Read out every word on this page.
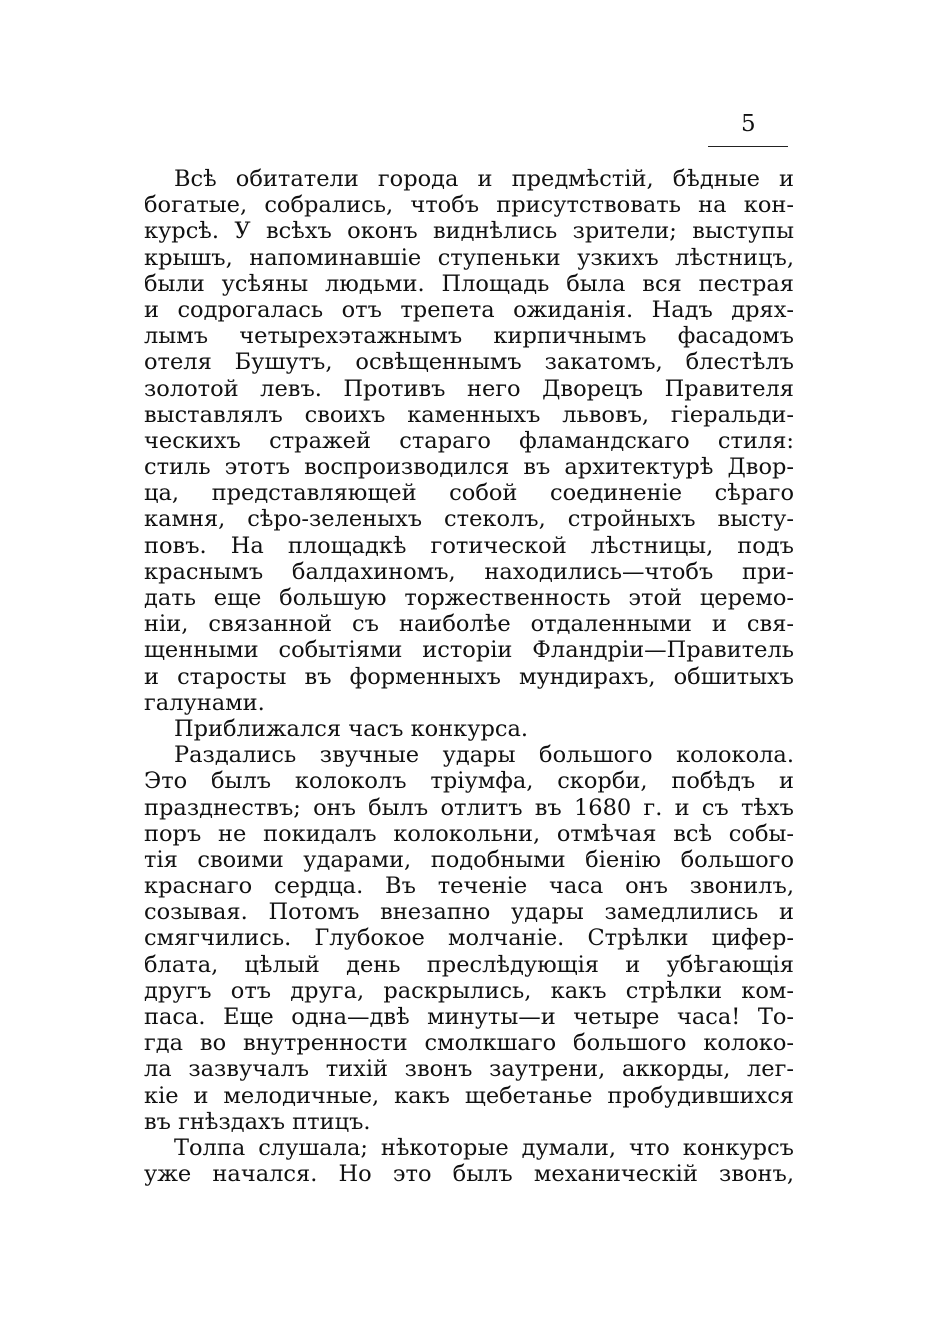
5
Всѣ обитатели города и предмѣстій, бѣдные и
богатые, собрались, чтобъ присутствовать на кон-
курсѣ. У всѣхъ оконъ виднѣлись зрители; выступы
крышъ, напоминавшіе ступеньки узкихъ лѣстницъ,
были усѣяны людьми. Площадь была вся пестрая
и содрогалась отъ трепета ожиданія. Надъ дрях-
лымъ четырехэтажнымъ кирпичнымъ фасадомъ
отеля Бушутъ, освѣщеннымъ закатомъ, блестѣлъ
золотой левъ. Противъ него Дворецъ Правителя
выставлялъ своихъ каменныхъ львовъ, гіеральди-
ческихъ стражей стараго фламандскаго стиля:
стиль этотъ воспроизводился въ архитектурѣ Двор-
ца, представляющей собой соединеніе сѣраго
камня, сѣро-зеленыхъ стеколъ, стройныхъ высту-
повъ. На площадкѣ готической лѣстницы, подъ
краснымъ балдахиномъ, находились—чтобъ при-
дать еще большую торжественность этой церемо-
ніи, связанной съ наиболѣе отдаленными и свя-
щенными событіями исторіи Фландріи—Правитель
и старосты въ форменныхъ мундирахъ, обшитыхъ
галунами.
Приближался часъ конкурса.
Раздались звучные удары большого колокола.
Это былъ колоколъ тріумфа, скорби, побѣдъ и
празднествъ; онъ былъ отлитъ въ 1680 г. и съ тѣхъ
поръ не покидалъ колокольни, отмѣчая всѣ собы-
тія своими ударами, подобными біенію большого
краснаго сердца. Въ теченіе часа онъ звонилъ,
созывая. Потомъ внезапно удары замедлились и
смягчились. Глубокое молчаніе. Стрѣлки цифер-
блата, цѣлый день преслѣдующія и убѣгающія
другъ отъ друга, раскрылись, какъ стрѣлки ком-
паса. Еще одна—двѣ минуты—и четыре часа! То-
гда во внутренности смолкшаго большого колоко-
ла зазвучалъ тихій звонъ заутрени, аккорды, лег-
кіе и мелодичные, какъ щебетанье пробудившихся
въ гнѣздахъ птицъ.
Толпа слушала; нѣкоторые думали, что конкурсъ
уже начался. Но это былъ механическій звонъ,
